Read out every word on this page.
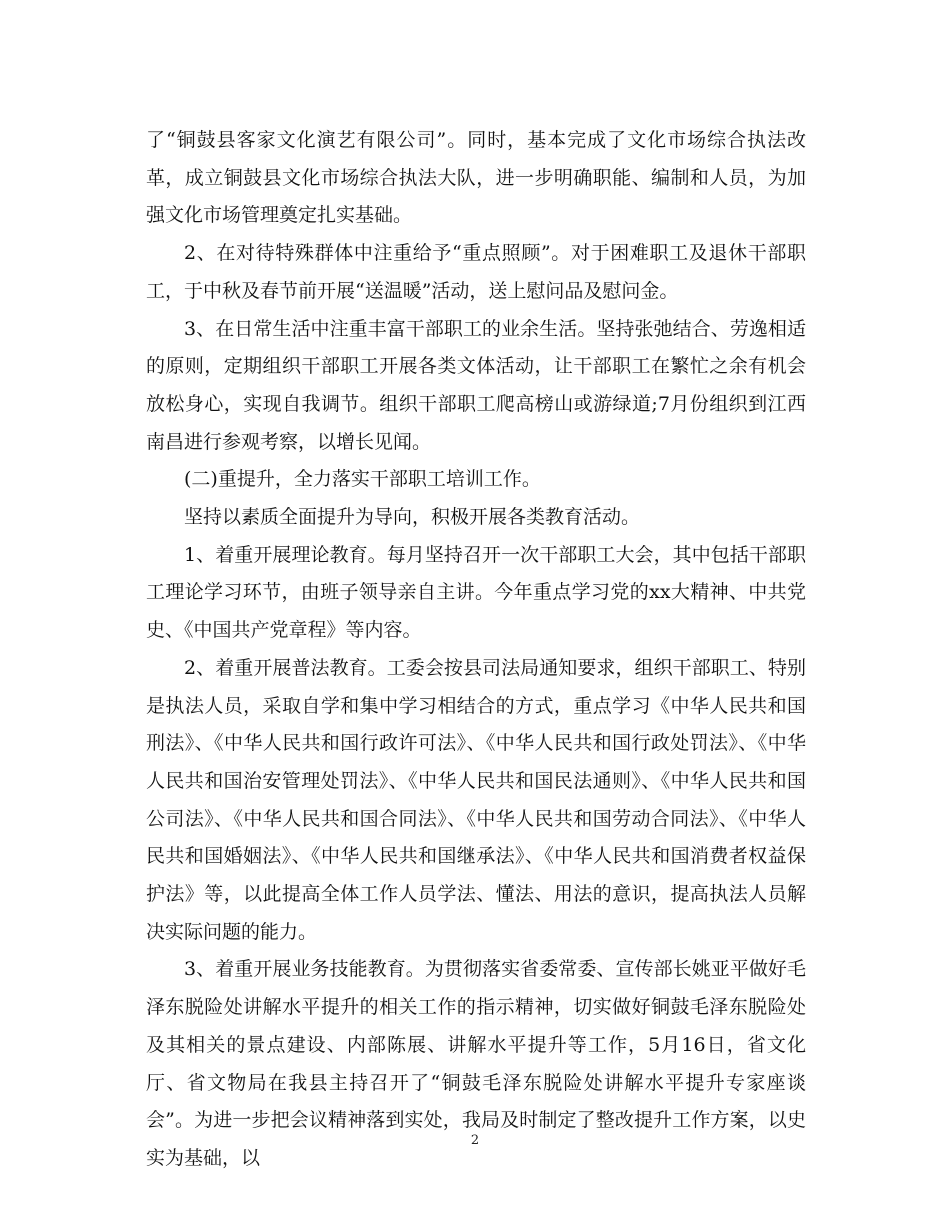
了“铜鼓县客家文化演艺有限公司”。同时，基本完成了文化市场综合执法改革，成立铜鼓县文化市场综合执法大队，进一步明确职能、编制和人员，为加强文化市场管理奠定扎实基础。

2、在对待特殊群体中注重给予“重点照顾”。对于困难职工及退休干部职工，于中秋及春节前开展“送温暖”活动，送上慰问品及慰问金。

3、在日常生活中注重丰富干部职工的业余生活。坚持张弛结合、劳逸相适的原则，定期组织干部职工开展各类文体活动，让干部职工在繁忙之余有机会放松身心，实现自我调节。组织干部职工爬高榜山或游绿道;7月份组织到江西南昌进行参观考察，以增长见闻。

(二)重提升，全力落实干部职工培训工作。

坚持以素质全面提升为导向，积极开展各类教育活动。

1、着重开展理论教育。每月坚持召开一次干部职工大会，其中包括干部职工理论学习环节，由班子领导亲自主讲。今年重点学习党的xx大精神、中共党史、《中国共产党章程》等内容。

2、着重开展普法教育。工委会按县司法局通知要求，组织干部职工、特别是执法人员，采取自学和集中学习相结合的方式，重点学习《中华人民共和国刑法》、《中华人民共和国行政许可法》、《中华人民共和国行政处罚法》、《中华人民共和国治安管理处罚法》、《中华人民共和国民法通则》、《中华人民共和国公司法》、《中华人民共和国合同法》、《中华人民共和国劳动合同法》、《中华人民共和国婚姻法》、《中华人民共和国继承法》、《中华人民共和国消费者权益保护法》等，以此提高全体工作人员学法、懂法、用法的意识，提高执法人员解决实际问题的能力。

3、着重开展业务技能教育。为贯彻落实省委常委、宣传部长姚亚平做好毛泽东脱险处讲解水平提升的相关工作的指示精神，切实做好铜鼓毛泽东脱险处及其相关的景点建设、内部陈展、讲解水平提升等工作，5月16日，省文化厅、省文物局在我县主持召开了“铜鼓毛泽东脱险处讲解水平提升专家座谈会”。为进一步把会议精神落到实处，我局及时制定了整改提升工作方案，以史实为基础，以

2
